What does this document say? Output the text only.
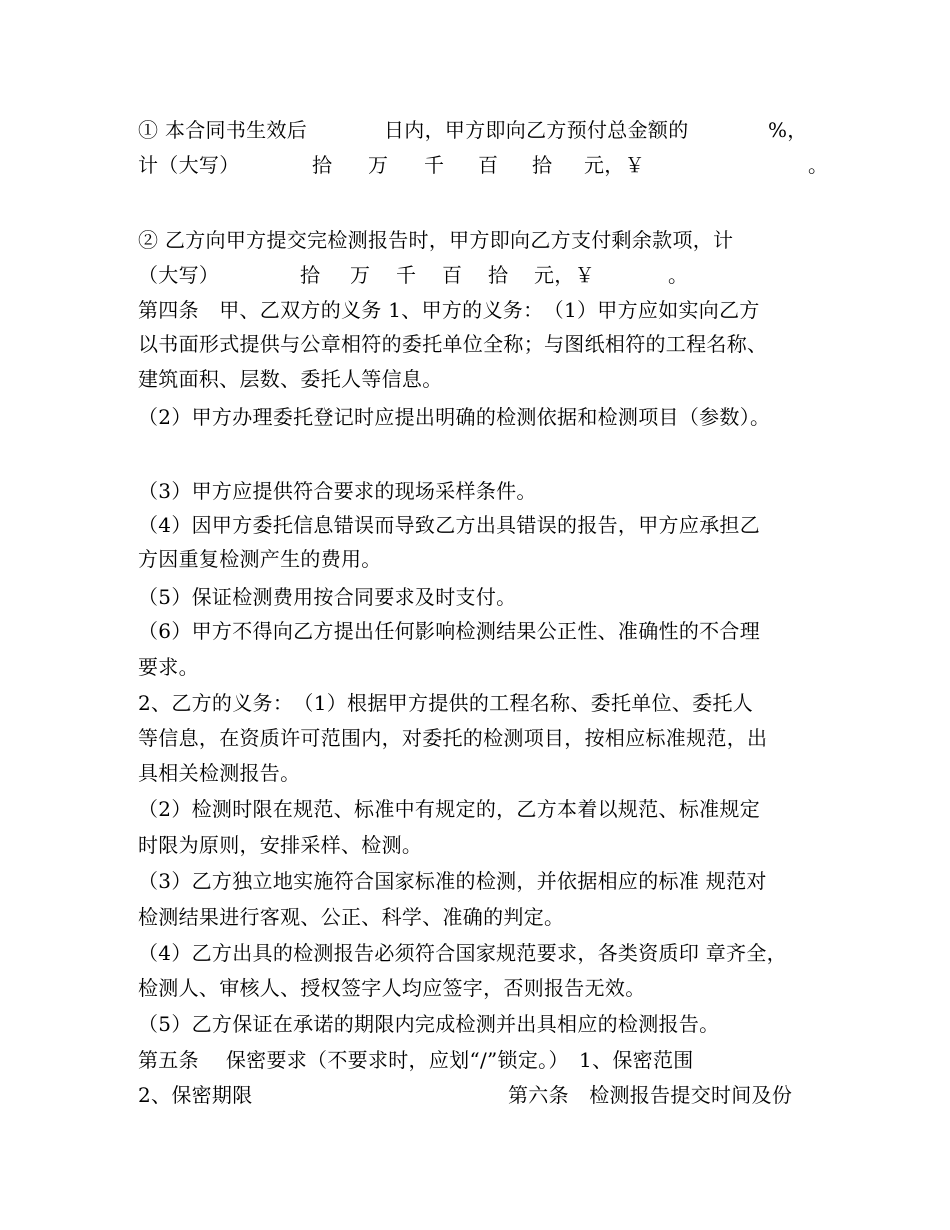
① 本合同书生效后

	日内，甲方即向乙方预付总金额的

	%，

计（大写）

	拾

万

千

百

拾

元，￥

	。

② 乙方向甲方提交完检测报告时，甲方即向乙方支付剩余款项，计

（大写）

	拾

万

千

百

拾

元，￥

	。

第四条　甲、乙双方的义务 1、甲方的义务：　（1）甲方应如实向乙方
以书面形式提供与公章相符的委托单位全称；与图纸相符的工程名称、
建筑面积、层数、委托人等信息。
（2）甲方办理委托登记时应提出明确的检测依据和检测项目（参数）。
（3）甲方应提供符合要求的现场采样条件。
（4）因甲方委托信息错误而导致乙方出具错误的报告，甲方应承担乙
方因重复检测产生的费用。
（5）保证检测费用按合同要求及时支付。
（6）甲方不得向乙方提出任何影响检测结果公正性、准确性的不合理
要求。
2、乙方的义务：　（1）根据甲方提供的工程名称、委托单位、委托人
等信息，在资质许可范围内，对委托的检测项目，按相应标准规范，出
具相关检测报告。
（2）检测时限在规范、标准中有规定的，乙方本着以规范、标准规定
时限为原则，安排采样、检测。
（3）乙方独立地实施符合国家标准的检测，并依据相应的标准 规范对
检测结果进行客观、公正、科学、准确的判定。
（4）乙方出具的检测报告必须符合国家规范要求，各类资质印 章齐全，
检测人、审核人、授权签字人均应签字，否则报告无效。
（5）乙方保证在承诺的期限内完成检测并出具相应的检测报告。
第五条　 保密要求（不要求时，应划“/”锁定。）　1、保密范围

2、保密期限

	第六条　检测报告提交时间及份
